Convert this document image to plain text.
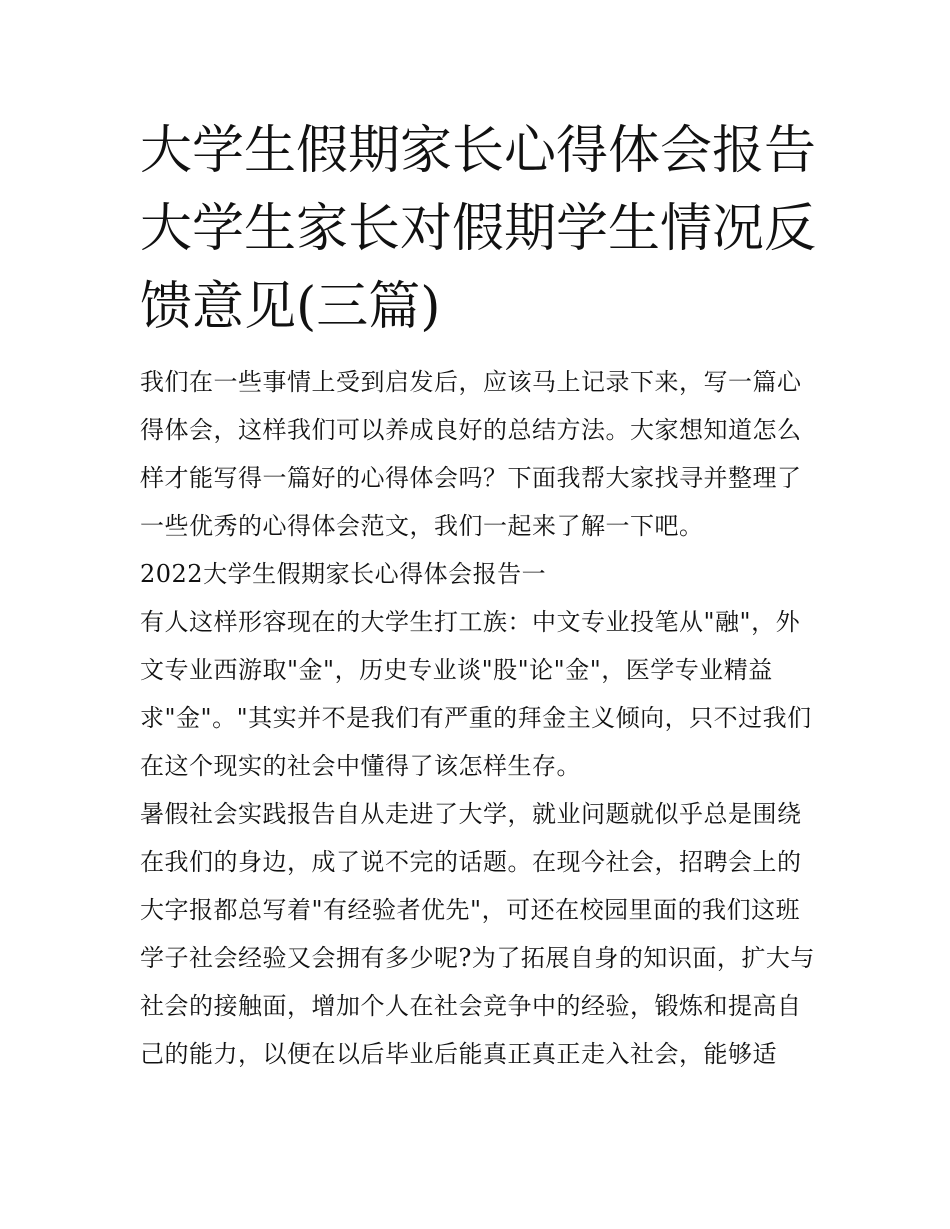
大学生假期家长心得体会报告大学生家长对假期学生情况反馈意见(三篇)

我们在一些事情上受到启发后，应该马上记录下来，写一篇心得体会，这样我们可以养成良好的总结方法。大家想知道怎么样才能写得一篇好的心得体会吗？下面我帮大家找寻并整理了一些优秀的心得体会范文，我们一起来了解一下吧。

2022大学生假期家长心得体会报告一

有人这样形容现在的大学生打工族：中文专业投笔从"融"，外文专业西游取"金"，历史专业谈"股"论"金"，医学专业精益求"金"。"其实并不是我们有严重的拜金主义倾向，只不过我们在这个现实的社会中懂得了该怎样生存。

暑假社会实践报告自从走进了大学，就业问题就似乎总是围绕在我们的身边，成了说不完的话题。在现今社会，招聘会上的大字报都总写着"有经验者优先"，可还在校园里面的我们这班学子社会经验又会拥有多少呢?为了拓展自身的知识面，扩大与社会的接触面，增加个人在社会竞争中的经验，锻炼和提高自己的能力，以便在以后毕业后能真正真正走入社会，能够适
